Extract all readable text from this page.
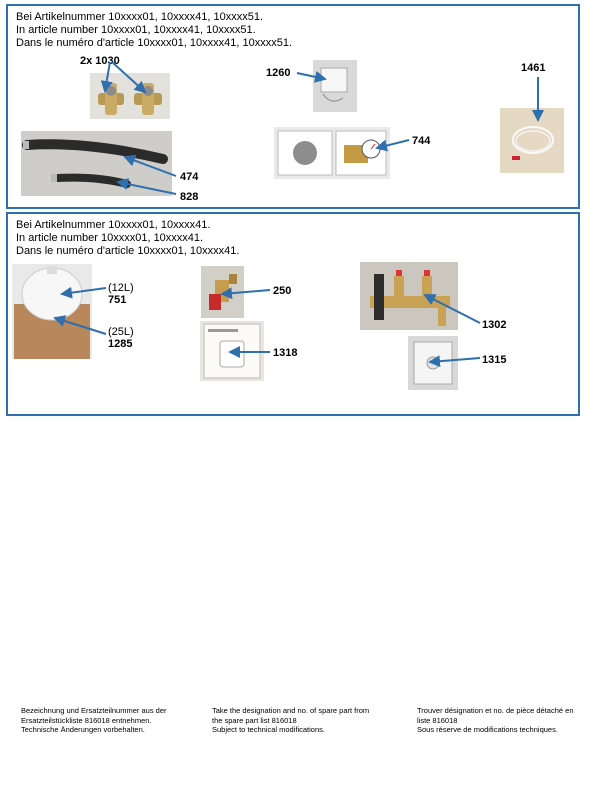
Bei Artikelnummer 10xxxx01, 10xxxx41, 10xxxx51.
In article number 10xxxx01, 10xxxx41, 10xxxx51.
Dans le numéro d'article 10xxxx01, 10xxxx41, 10xxxx51.
2x 1030
1260	1461
744
474
828
Bei Artikelnummer 10xxxx01, 10xxxx41.
In article number 10xxxx01, 10xxxx41.
Dans le numéro d'article 10xxxx01, 10xxxx41.
(12L)
751
(25L)
1285
250
1318
1302
1315
Bezeichnung und Ersatzteilnummer aus der
Ersatzteilstückliste 816018 entnehmen.
Technische Änderungen vorbehalten.
Take the designation and no. of spare part from
the spare part list 816018
Subject to technical modifications.
Trouver désignation et no. de pièce détaché en
liste 816018
Sous réserve de modifications techniques.
